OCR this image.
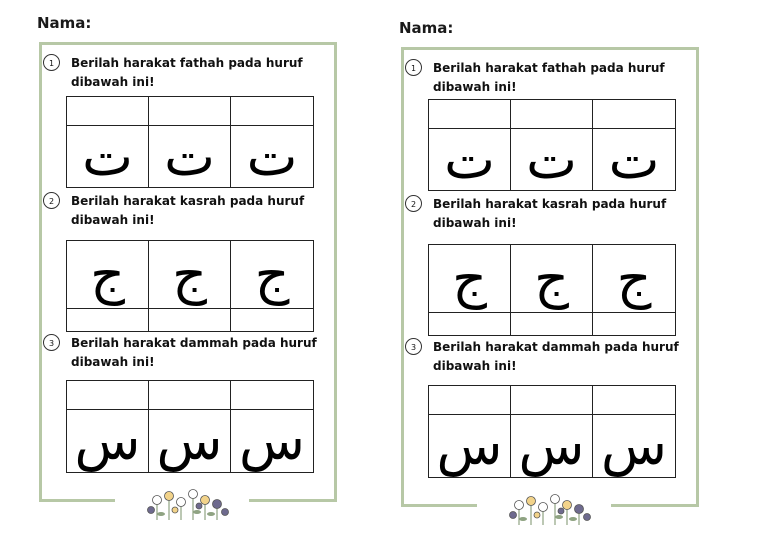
Nama:
1	Berilah harakat fathah pada huruf dibawah ini!
ت ت ت
2	Berilah harakat kasrah pada huruf dibawah ini!
ج ج ج
3	Berilah harakat dammah pada huruf dibawah ini!
س س س
Nama:
1	Berilah harakat fathah pada huruf dibawah ini!
ت ت ت
2	Berilah harakat kasrah pada huruf dibawah ini!
ج ج ج
3	Berilah harakat dammah pada huruf dibawah ini!
س س س
